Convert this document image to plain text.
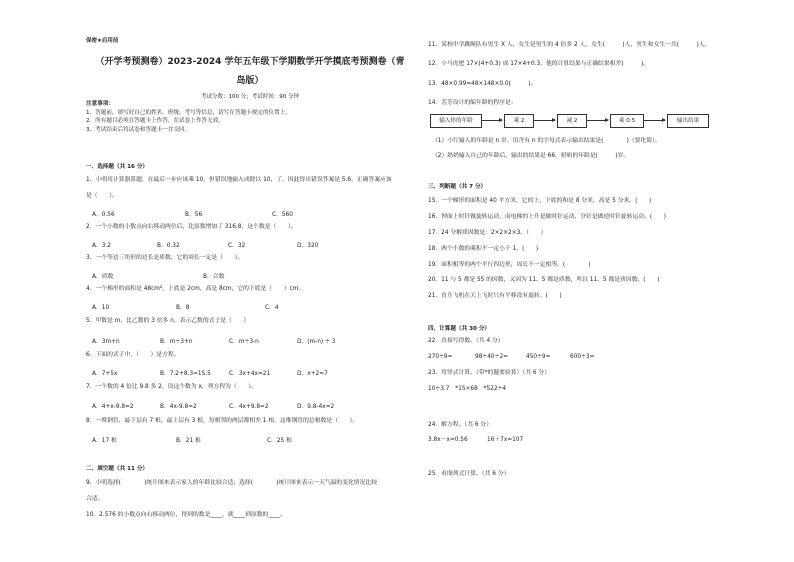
保密★启用前
（开学考预测卷）2023-2024 学年五年级下学期数学开学摸底考预测卷（青
岛版）
考试分数：100 分；考试时间：90 分钟
注意事项：
1．答题前，填写好自己的姓名、班级、考号等信息，请写在答题卡规定的位置上。
2．所有题目必须在答题卡上作答，在试卷上作答无效。
3．考试结束后将试卷和答题卡一并交回。
一、选择题（共 16 分）
1．小明用计算器算题，在最后一步应该乘 10，但错误地输入成除以 10，了，因此得出错误答案是 5.6，正确答案应该
是（　　）。
A．0.56	B．56	C．560
2．一个小数的小数点向右移动两位后，比原数增加了 316.8，这个数是（　　）。
A．3.2	B．0.32	C．32	D．320
3．一个等边三角形的边长是质数，它的周长一定是（　　）。
A．质数	B．合数
4．一个梯形的面积是 48cm²，上底是 2cm，高是 8cm，它的下底是（　　）cm。
A．10	B．8	C．4
5．甲数是 m，比乙数的 3 倍多 n，表示乙数的式子是（　　）
A．3m+n	B．m÷3+n	C．m÷3-n	D．(m-n) ÷ 3
6．下面的式子中，（　　）是方程。
A．7+5x	B．7.2+8.3=15.5	C．3x+4x=21	D．x+2=7
7．一个数的 4 倍比 9.8 多 2，设这个数为 x，列方程为（　　）。
A．4+x-9.8=2	B．4x-9.8=2	C．4x+9.8=2	D．9.8-4x=2
8．一堆钢管，最下层有 7 根，最上层有 3 根，每相邻的两层都相差 1 根，这堆钢管的总根数是（　　）。
A．17 根	B．21 根	C．25 根
二、填空题（共 11 分）
9．小明选择(　　　　)统计图来表示家人的年龄比较合适；选择(　　　　)统计图来表示一天气温的变化情况比较
合适。
10．2.576 的小数点向右移动两位，得到的数是____，就____到原数的____。
11．某校中学跳绳队有男生 X 人，女生是男生的 4 倍多 2 人，女生(　　　)人，男生和女生一共(　　　)人。
12．小马虎把 17×(4+0.3) 成 17×4+0.3，他的计算结果与正确结果相差(　　　)。
13．48×0.99=48×148×0.0(　　　)。
14．芳芳设计的编年龄的程序是：
输入你的年龄	乘 2	减 2	乘 0.5	输出结果
（1）小红输入的年龄是 n 岁，用含有 n 的字母式表示输出结果是(　　　　)（要化简）。
（2）奶奶输入自己的年龄后，输出的结果是 66，奶奶的年龄是(　　　)岁。
三、判断题（共 7 分）
15．一个梯形的面积是 40 平方米，它的上，下底的和是 8 分米，高是 5 分米。(　　)
16．钟面上时针做旋转运动，而电梯的上升是做时针运动，分针是做逆时针旋转运动。(　　)
17．24 分解质因数是：2×2×2×3。（　　）
18．两个小数的乘积不一定小于 1。(　　)
19．面积相等的两个平行四边形，周长不一定相等。(　　　　)
20．11 与 5 都是 55 的因数，又因为 11、5 都是质数，所以 11、5 都是质因数。(　　)
21．直升飞机在天上飞时只有平移没有旋转。(　　)
四、计算题（共 30 分）
22．直接写得数。（共 4 分）
270÷9=	98÷40÷2=	450÷9=	600÷3=
23．用竖式计算。（带*的题要验算）（共 6 分）
10÷3.7　*15×68　*522÷4
24．解方程。（共 6 分）
3.8x－x=0.56	16＋7x=107
25．看图列式计算。（共 6 分）
